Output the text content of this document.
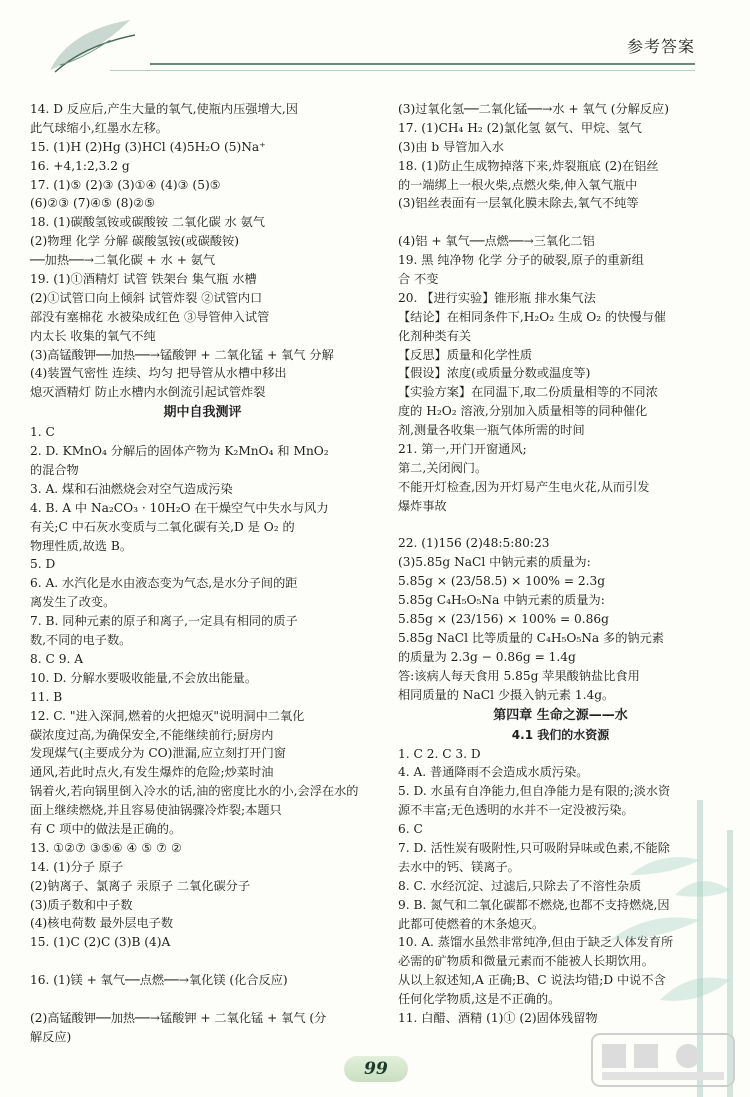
参考答案
14. D 反应后,产生大量的氧气,使瓶内压强增大,因
此气球缩小,红墨水左移。
15. (1)H (2)Hg (3)HCl (4)5H₂O (5)Na⁺
16. +4,1:2,3.2 g
17. (1)⑤ (2)③ (3)①④ (4)③ (5)⑤
(6)②③ (7)④⑤ (8)②⑤
18. (1)碳酸氢铵或碳酸铵 二氧化碳 水 氨气
(2)物理 化学 分解 碳酸氢铵(或碳酸铵)
──加热──→二氧化碳 + 水 + 氨气
19. (1)①酒精灯 试管 铁架台 集气瓶 水槽
(2)①试管口向上倾斜 试管炸裂 ②试管内口
部没有塞棉花 水被染成红色 ③导管伸入试管
内太长 收集的氧气不纯
(3)高锰酸钾──加热──→锰酸钾 + 二氧化锰 + 氧气 分解
(4)装置气密性 连续、均匀 把导管从水槽中移出
熄灭酒精灯 防止水槽内水倒流引起试管炸裂
期中自我测评
1. C
2. D. KMnO₄ 分解后的固体产物为 K₂MnO₄ 和 MnO₂
的混合物
3. A. 煤和石油燃烧会对空气造成污染
4. B. A 中 Na₂CO₃ · 10H₂O 在干燥空气中失水与风力
有关;C 中石灰水变质与二氧化碳有关,D 是 O₂ 的
物理性质,故选 B。
5. D
6. A. 水汽化是水由液态变为气态,是水分子间的距
离发生了改变。
7. B. 同种元素的原子和离子,一定具有相同的质子
数,不同的电子数。
8. C 9. A
10. D. 分解水要吸收能量,不会放出能量。
11. B
12. C. "进入深洞,燃着的火把熄灭"说明洞中二氧化
碳浓度过高,为确保安全,不能继续前行;厨房内
发现煤气(主要成分为 CO)泄漏,应立刻打开门窗
通风,若此时点火,有发生爆炸的危险;炒菜时油
锅着火,若向锅里倒入冷水的话,油的密度比水的小,会浮在水的
面上继续燃烧,并且容易使油锅骤冷炸裂;本题只
有 C 项中的做法是正确的。
13. ①②⑦ ③⑤⑥ ④ ⑤ ⑦ ②
14. (1)分子 原子
(2)钠离子、氯离子 汞原子 二氧化碳分子
(3)质子数和中子数
(4)核电荷数 最外层电子数
15. (1)C (2)C (3)B (4)A
16. (1)镁 + 氧气──点燃──→氧化镁 (化合反应)
(2)高锰酸钾──加热──→锰酸钾 + 二氧化锰 + 氧气 (分
解反应)
(3)过氧化氢──二氧化锰──→水 + 氧气 (分解反应)
17. (1)CH₄ H₂ (2)氯化氢 氨气、甲烷、氢气
(3)由 b 导管加入水
18. (1)防止生成物掉落下来,炸裂瓶底 (2)在铝丝
的一端绑上一根火柴,点燃火柴,伸入氧气瓶中
(3)铝丝表面有一层氧化膜未除去,氧气不纯等
(4)铝 + 氧气──点燃──→三氧化二铝
19. 黑 纯净物 化学 分子的破裂,原子的重新组
合 不变
20. 【进行实验】锥形瓶 排水集气法
【结论】在相同条件下,H₂O₂ 生成 O₂ 的快慢与催
化剂种类有关
【反思】质量和化学性质
【假设】浓度(或质量分数或温度等)
【实验方案】在同温下,取二份质量相等的不同浓
度的 H₂O₂ 溶液,分别加入质量相等的同种催化
剂,测量各收集一瓶气体所需的时间
21. 第一,开门开窗通风;
第二,关闭阀门。
不能开灯检查,因为开灯易产生电火花,从而引发
爆炸事故
22. (1)156 (2)48:5:80:23
(3)5.85g NaCl 中钠元素的质量为:
5.85g × (23/58.5) × 100% = 2.3g
5.85g C₄H₅O₅Na 中钠元素的质量为:
5.85g × (23/156) × 100% = 0.86g
5.85g NaCl 比等质量的 C₄H₅O₅Na 多的钠元素
的质量为 2.3g − 0.86g = 1.4g
答:该病人每天食用 5.85g 苹果酸钠盐比食用
相同质量的 NaCl 少摄入钠元素 1.4g。
第四章 生命之源——水
4.1 我们的水资源
1. C 2. C 3. D
4. A. 普通降雨不会造成水质污染。
5. D. 水虽有自净能力,但自净能力是有限的;淡水资
源不丰富;无色透明的水并不一定没被污染。
6. C
7. D. 活性炭有吸附性,只可吸附异味或色素,不能除
去水中的钙、镁离子。
8. C. 水经沉淀、过滤后,只除去了不溶性杂质
9. B. 氮气和二氧化碳都不燃烧,也都不支持燃烧,因
此都可使燃着的木条熄灭。
10. A. 蒸馏水虽然非常纯净,但由于缺乏人体发育所
必需的矿物质和微量元素而不能被人长期饮用。
从以上叙述知,A 正确;B、C 说法均错;D 中说不含
任何化学物质,这是不正确的。
11. 白醋、酒精 (1)① (2)固体残留物
99
